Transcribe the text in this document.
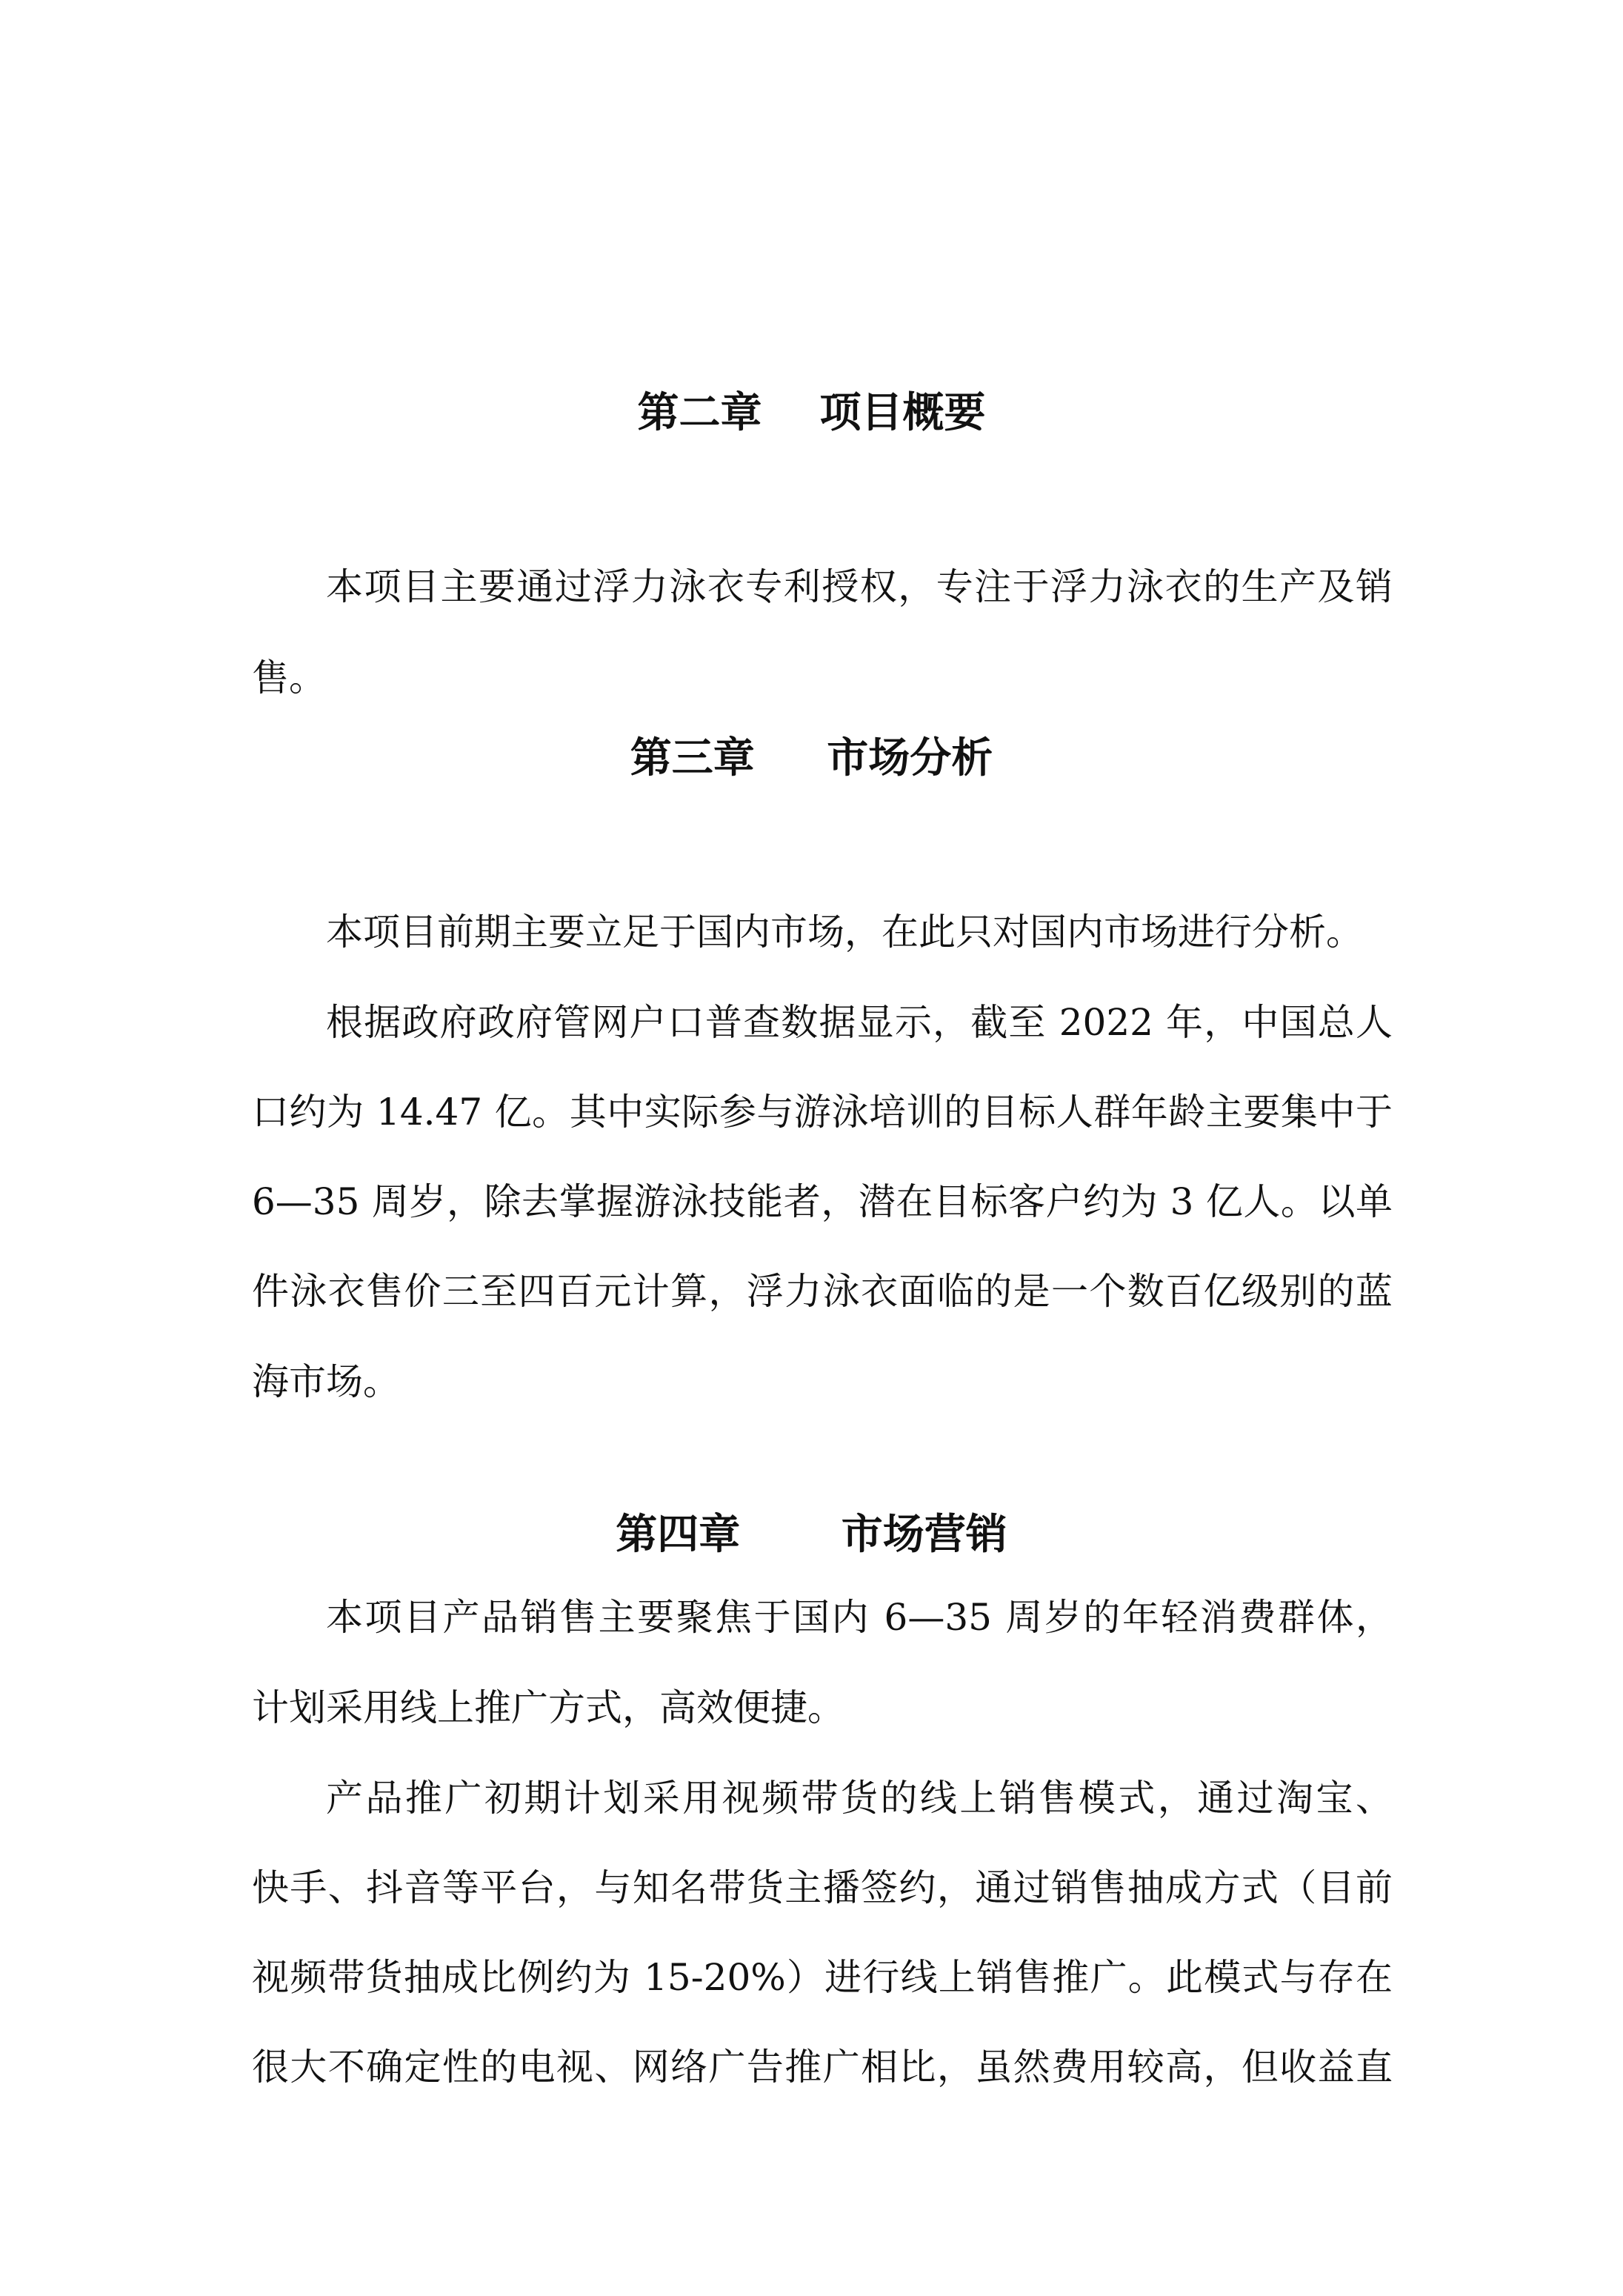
第二章    项目概要
本项目主要通过浮力泳衣专利授权，专注于浮力泳衣的生产及销
售。
第三章     市场分析
本项目前期主要立足于国内市场，在此只对国内市场进行分析。
根据政府政府管网户口普查数据显示，截至 2022 年，中国总人
口约为 14.47 亿。其中实际参与游泳培训的目标人群年龄主要集中于
6—35 周岁，除去掌握游泳技能者，潜在目标客户约为 3 亿人。以单
件泳衣售价三至四百元计算，浮力泳衣面临的是一个数百亿级别的蓝
海市场。
第四章       市场营销
本项目产品销售主要聚焦于国内 6—35 周岁的年轻消费群体，
计划采用线上推广方式，高效便捷。
产品推广初期计划采用视频带货的线上销售模式，通过淘宝、
快手、抖音等平台，与知名带货主播签约，通过销售抽成方式（目前
视频带货抽成比例约为 15-20%）进行线上销售推广。此模式与存在
很大不确定性的电视、网络广告推广相比，虽然费用较高，但收益直
